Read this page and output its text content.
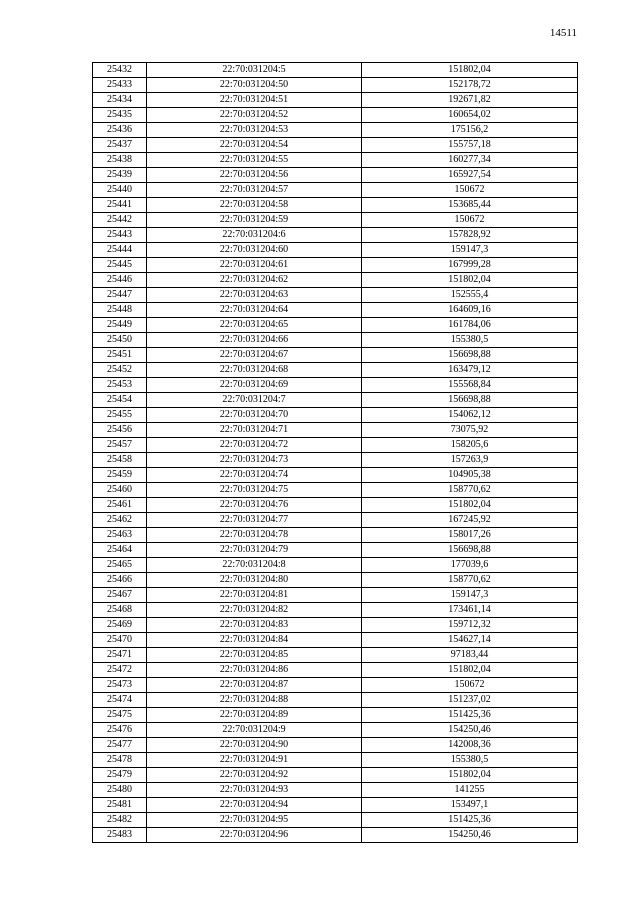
14511
25432	22:70:031204:5	151802,04
25433	22:70:031204:50	152178,72
25434	22:70:031204:51	192671,82
25435	22:70:031204:52	160654,02
25436	22:70:031204:53	175156,2
25437	22:70:031204:54	155757,18
25438	22:70:031204:55	160277,34
25439	22:70:031204:56	165927,54
25440	22:70:031204:57	150672
25441	22:70:031204:58	153685,44
25442	22:70:031204:59	150672
25443	22:70:031204:6	157828,92
25444	22:70:031204:60	159147,3
25445	22:70:031204:61	167999,28
25446	22:70:031204:62	151802,04
25447	22:70:031204:63	152555,4
25448	22:70:031204:64	164609,16
25449	22:70:031204:65	161784,06
25450	22:70:031204:66	155380,5
25451	22:70:031204:67	156698,88
25452	22:70:031204:68	163479,12
25453	22:70:031204:69	155568,84
25454	22:70:031204:7	156698,88
25455	22:70:031204:70	154062,12
25456	22:70:031204:71	73075,92
25457	22:70:031204:72	158205,6
25458	22:70:031204:73	157263,9
25459	22:70:031204:74	104905,38
25460	22:70:031204:75	158770,62
25461	22:70:031204:76	151802,04
25462	22:70:031204:77	167245,92
25463	22:70:031204:78	158017,26
25464	22:70:031204:79	156698,88
25465	22:70:031204:8	177039,6
25466	22:70:031204:80	158770,62
25467	22:70:031204:81	159147,3
25468	22:70:031204:82	173461,14
25469	22:70:031204:83	159712,32
25470	22:70:031204:84	154627,14
25471	22:70:031204:85	97183,44
25472	22:70:031204:86	151802,04
25473	22:70:031204:87	150672
25474	22:70:031204:88	151237,02
25475	22:70:031204:89	151425,36
25476	22:70:031204:9	154250,46
25477	22:70:031204:90	142008,36
25478	22:70:031204:91	155380,5
25479	22:70:031204:92	151802,04
25480	22:70:031204:93	141255
25481	22:70:031204:94	153497,1
25482	22:70:031204:95	151425,36
25483	22:70:031204:96	154250,46
